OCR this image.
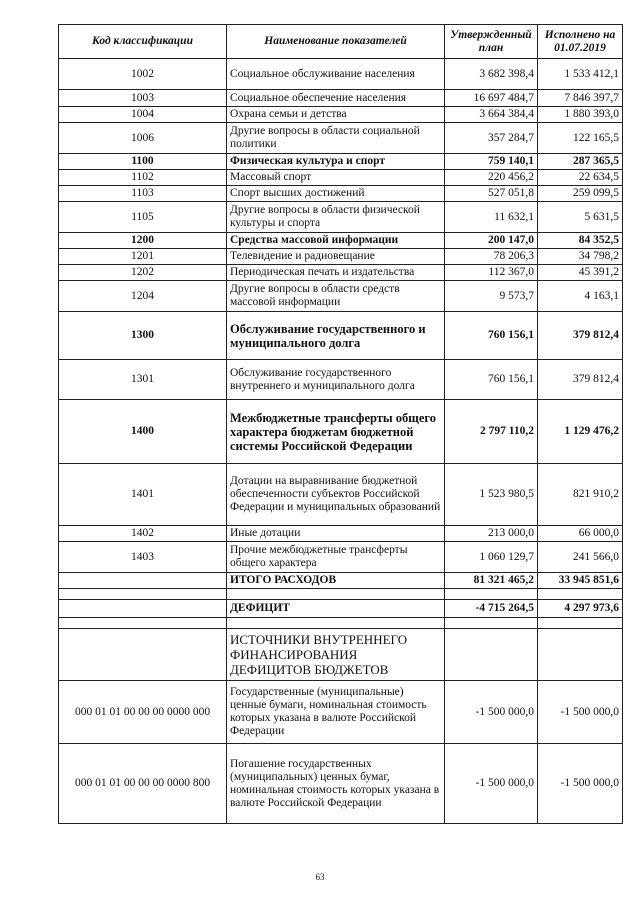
Код классификации	Наименование показателей	Утвержденный план	Исполнено на 01.07.2019
1002	Социальное обслуживание населения	3 682 398,4	1 533 412,1
1003	Социальное обеспечение населения	16 697 484,7	7 846 397,7
1004	Охрана семьи и детства	3 664 384,4	1 880 393,0
1006	Другие вопросы в области социальной политики	357 284,7	122 165,5
1100	Физическая культура и спорт	759 140,1	287 365,5
1102	Массовый спорт	220 456,2	22 634,5
1103	Спорт высших достижений	527 051,8	259 099,5
1105	Другие вопросы в области физической культуры и спорта	11 632,1	5 631,5
1200	Средства массовой информации	200 147,0	84 352,5
1201	Телевидение и радиовещание	78 206,3	34 798,2
1202	Периодическая печать и издательства	112 367,0	45 391,2
1204	Другие вопросы в области средств массовой информации	9 573,7	4 163,1
1300	Обслуживание государственного и муниципального долга	760 156,1	379 812,4
1301	Обслуживание государственного внутреннего и муниципального долга	760 156,1	379 812,4
1400	Межбюджетные трансферты общего характера бюджетам бюджетной системы Российской Федерации	2 797 110,2	1 129 476,2
1401	Дотации на выравнивание бюджетной обеспеченности субъектов Российской Федерации и муниципальных образований	1 523 980,5	821 910,2
1402	Иные дотации	213 000,0	66 000,0
1403	Прочие межбюджетные трансферты общего характера	1 060 129,7	241 566,0
	ИТОГО РАСХОДОВ	81 321 465,2	33 945 851,6

	ДЕФИЦИТ	-4 715 264,5	4 297 973,6

	ИСТОЧНИКИ ВНУТРЕННЕГО ФИНАНСИРОВАНИЯ ДЕФИЦИТОВ БЮДЖЕТОВ		
000 01 01 00 00 00 0000 000	Государственные (муниципальные) ценные бумаги, номинальная стоимость которых указана в валюте Российской Федерации	-1 500 000,0	-1 500 000,0
000 01 01 00 00 00 0000 800	Погашение государственных (муниципальных) ценных бумаг, номинальная стоимость которых указана в валюте Российской Федерации	-1 500 000,0	-1 500 000,0
63
